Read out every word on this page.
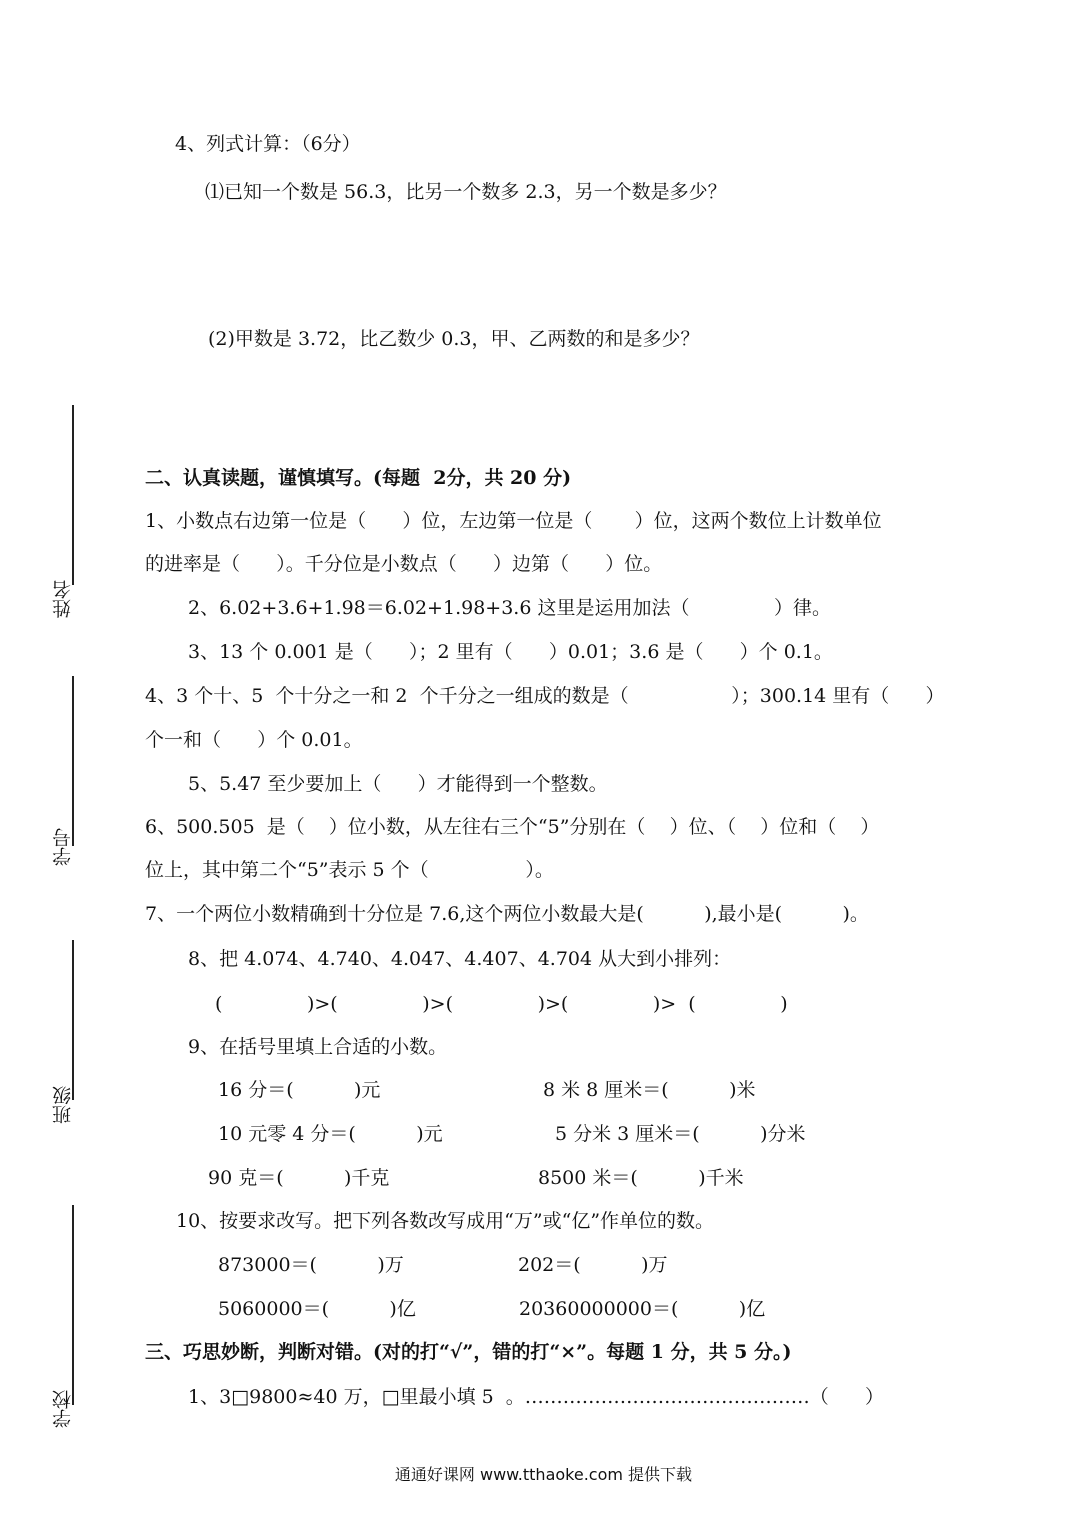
姓名
学号
班级
学校
4、列式计算：（6分）
⑴已知一个数是 56.3，比另一个数多 2.3，另一个数是多少？
(2)甲数是 3.72，比乙数少 0.3，甲、乙两数的和是多少？
二、认真读题，谨慎填写。(每题  2分，共 20 分)
1、小数点右边第一位是（      ）位，左边第一位是（       ）位，这两个数位上计数单位
的进率是（      ）。千分位是小数点（      ）边第（      ）位。
2、6.02+3.6+1.98＝6.02+1.98+3.6 这里是运用加法（              ）律。
3、13 个 0.001 是（      ）；2 里有（      ）0.01；3.6 是（      ）个 0.1。
4、3 个十、5  个十分之一和 2  个千分之一组成的数是（                 ）；300.14 里有（      ）
个一和（      ）个 0.01。
5、5.47 至少要加上（      ）才能得到一个整数。
6、500.505  是（    ）位小数，从左往右三个“5”分别在（    ）位、（    ）位和（    ）
位上，其中第二个“5”表示 5 个（                ）。
7、一个两位小数精确到十分位是 7.6,这个两位小数最大是(          ),最小是(          )。
8、把 4.074、4.740、4.047、4.407、4.704 从大到小排列：
(              )>(              )>(              )>(              )>  (              )
9、在括号里填上合适的小数。
16 分＝(          )元	8 米 8 厘米＝(          )米
10 元零 4 分＝(          )元	5 分米 3 厘米＝(          )分米
90 克＝(          )千克	8500 米＝(          )千米
10、按要求改写。把下列各数改写成用“万”或“亿”作单位的数。
873000＝(          )万	202＝(          )万
5060000＝(          )亿	20360000000＝(          )亿
三、巧思妙断，判断对错。(对的打“√”，错的打“×”。每题 1 分，共 5 分。)
1、3□9800≈40 万，□里最小填 5  。………………………………………（      ）
通通好课网 www.tthaoke.com 提供下载
